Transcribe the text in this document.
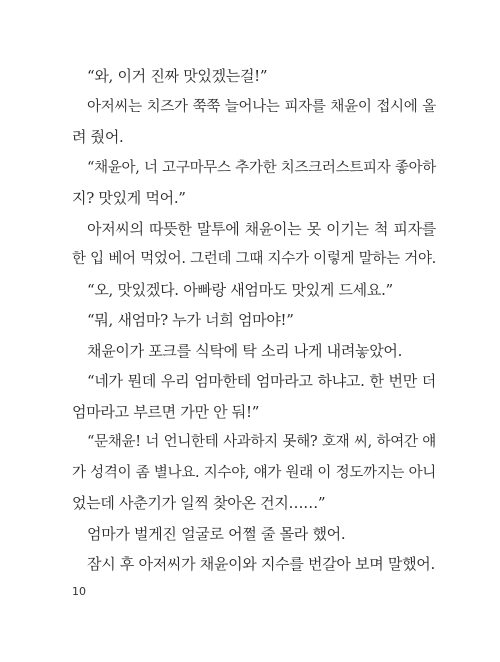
“와, 이거 진짜 맛있겠는걸!”
아저씨는 치즈가 쭉쭉 늘어나는 피자를 채윤이 접시에 올
려 줬어.
“채윤아, 너 고구마무스 추가한 치즈크러스트피자 좋아하
지? 맛있게 먹어.”
아저씨의 따뜻한 말투에 채윤이는 못 이기는 척 피자를
한 입 베어 먹었어. 그런데 그때 지수가 이렇게 말하는 거야.
“오, 맛있겠다. 아빠랑 새엄마도 맛있게 드세요.”
“뭐, 새엄마? 누가 너희 엄마야!”
채윤이가 포크를 식탁에 탁 소리 나게 내려놓았어.
“네가 뭔데 우리 엄마한테 엄마라고 하냐고. 한 번만 더
엄마라고 부르면 가만 안 둬!”
“문채윤! 너 언니한테 사과하지 못해? 호재 씨, 하여간 얘
가 성격이 좀 별나요. 지수야, 얘가 원래 이 정도까지는 아니
었는데 사춘기가 일찍 찾아온 건지……”
엄마가 벌게진 얼굴로 어쩔 줄 몰라 했어.
잠시 후 아저씨가 채윤이와 지수를 번갈아 보며 말했어.
10
